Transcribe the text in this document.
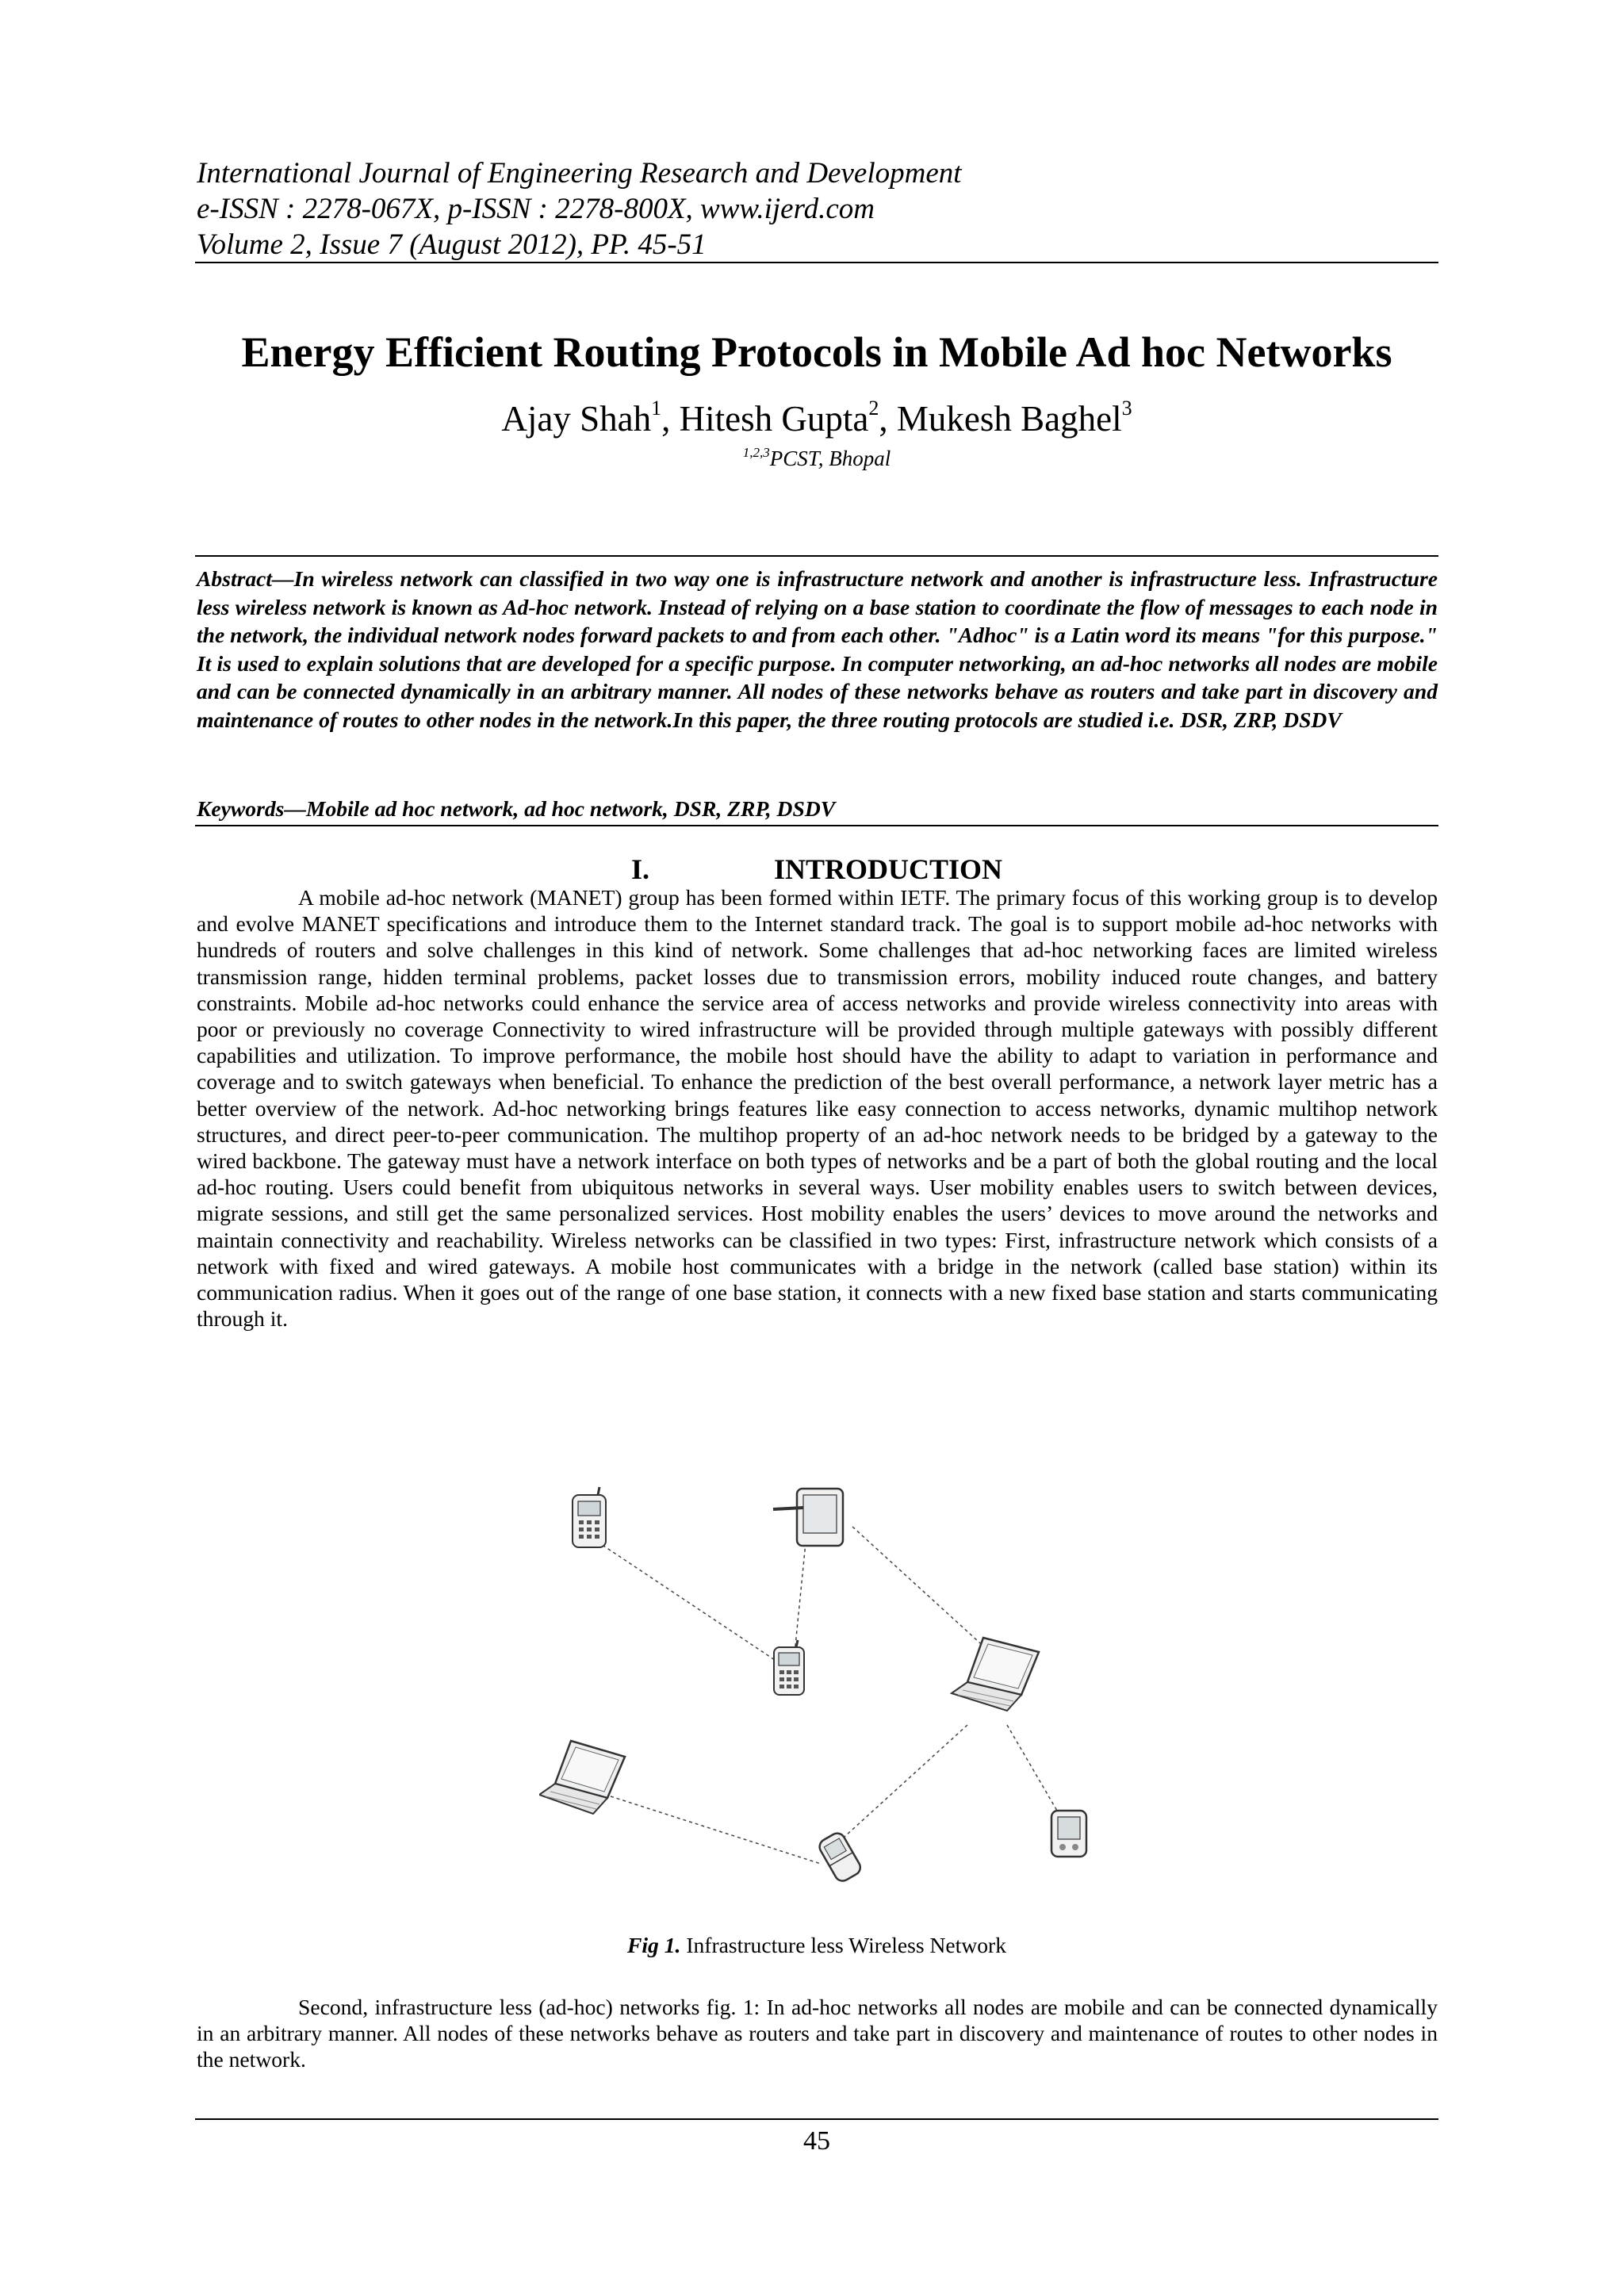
International Journal of Engineering Research and Development
e-ISSN : 2278-067X, p-ISSN : 2278-800X, www.ijerd.com
Volume 2, Issue 7 (August 2012), PP. 45-51
Energy Efficient Routing Protocols in Mobile Ad hoc Networks
Ajay Shah$^1$, Hitesh Gupta$^2$, Mukesh Baghel$^3$
$^{1,2,3}$PCST, Bhopal

Abstract—In wireless network can classified in two way one is infrastructure network and another is infrastructure less. Infrastructure less wireless network is known as Ad-hoc network. Instead of relying on a base station to coordinate the flow of messages to each node in the network, the individual network nodes forward packets to and from each other. "Adhoc" is a Latin word its means "for this purpose." It is used to explain solutions that are developed for a specific purpose. In computer networking, an ad-hoc networks all nodes are mobile and can be connected dynamically in an arbitrary manner. All nodes of these networks behave as routers and take part in discovery and maintenance of routes to other nodes in the network.In this paper, the three routing protocols are studied i.e. DSR, ZRP, DSDV

Keywords—Mobile ad hoc network, ad hoc network, DSR, ZRP, DSDV

I.	INTRODUCTION

A mobile ad-hoc network (MANET) group has been formed within IETF. The primary focus of this working group is to develop and evolve MANET specifications and introduce them to the Internet standard track. The goal is to support mobile ad-hoc networks with hundreds of routers and solve challenges in this kind of network. Some challenges that ad-hoc networking faces are limited wireless transmission range, hidden terminal problems, packet losses due to transmission errors, mobility induced route changes, and battery constraints. Mobile ad-hoc networks could enhance the service area of access networks and provide wireless connectivity into areas with poor or previously no coverage Connectivity to wired infrastructure will be provided through multiple gateways with possibly different capabilities and utilization. To improve performance, the mobile host should have the ability to adapt to variation in performance and coverage and to switch gateways when beneficial. To enhance the prediction of the best overall performance, a network layer metric has a better overview of the network. Ad-hoc networking brings features like easy connection to access networks, dynamic multihop network structures, and direct peer-to-peer communication. The multihop property of an ad-hoc network needs to be bridged by a gateway to the wired backbone. The gateway must have a network interface on both types of networks and be a part of both the global routing and the local ad-hoc routing. Users could benefit from ubiquitous networks in several ways. User mobility enables users to switch between devices, migrate sessions, and still get the same personalized services. Host mobility enables the users’ devices to move around the networks and maintain connectivity and reachability. Wireless networks can be classified in two types: First, infrastructure network which consists of a network with fixed and wired gateways. A mobile host communicates with a bridge in the network (called base station) within its communication radius. When it goes out of the range of one base station, it connects with a new fixed base station and starts communicating through it.

Fig 1. Infrastructure less Wireless Network

Second, infrastructure less (ad-hoc) networks fig. 1: In ad-hoc networks all nodes are mobile and can be connected dynamically in an arbitrary manner. All nodes of these networks behave as routers and take part in discovery and maintenance of routes to other nodes in the network.

45
